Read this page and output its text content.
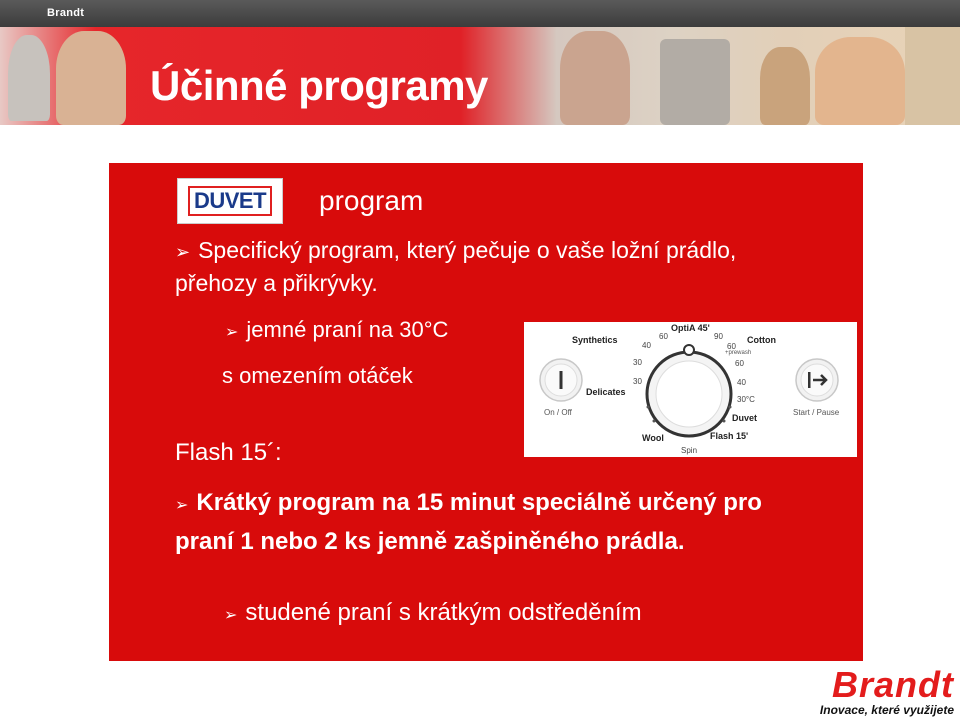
Brandt
Účinné programy
DUVET program
➢ Specifický program, který pečuje o vaše ložní prádlo, přehozy a přikrývky.
➢ jemné praní na 30°C
s omezením otáček
Flash 15´:
➢ Krátký program na 15 minut speciálně určený pro praní 1 nebo 2 ks jemně zašpiněného prádla.
➢ studené praní s krátkým odstředěním
On / Off	Start / Pause
Synthetics
Delicates
Wool
Spin
Flash 15'
Duvet
Cotton
OptiA 45'
+prewash
30°C
40
30
30
60	90
60
60
40
Brandt
Inovace, které využijete
